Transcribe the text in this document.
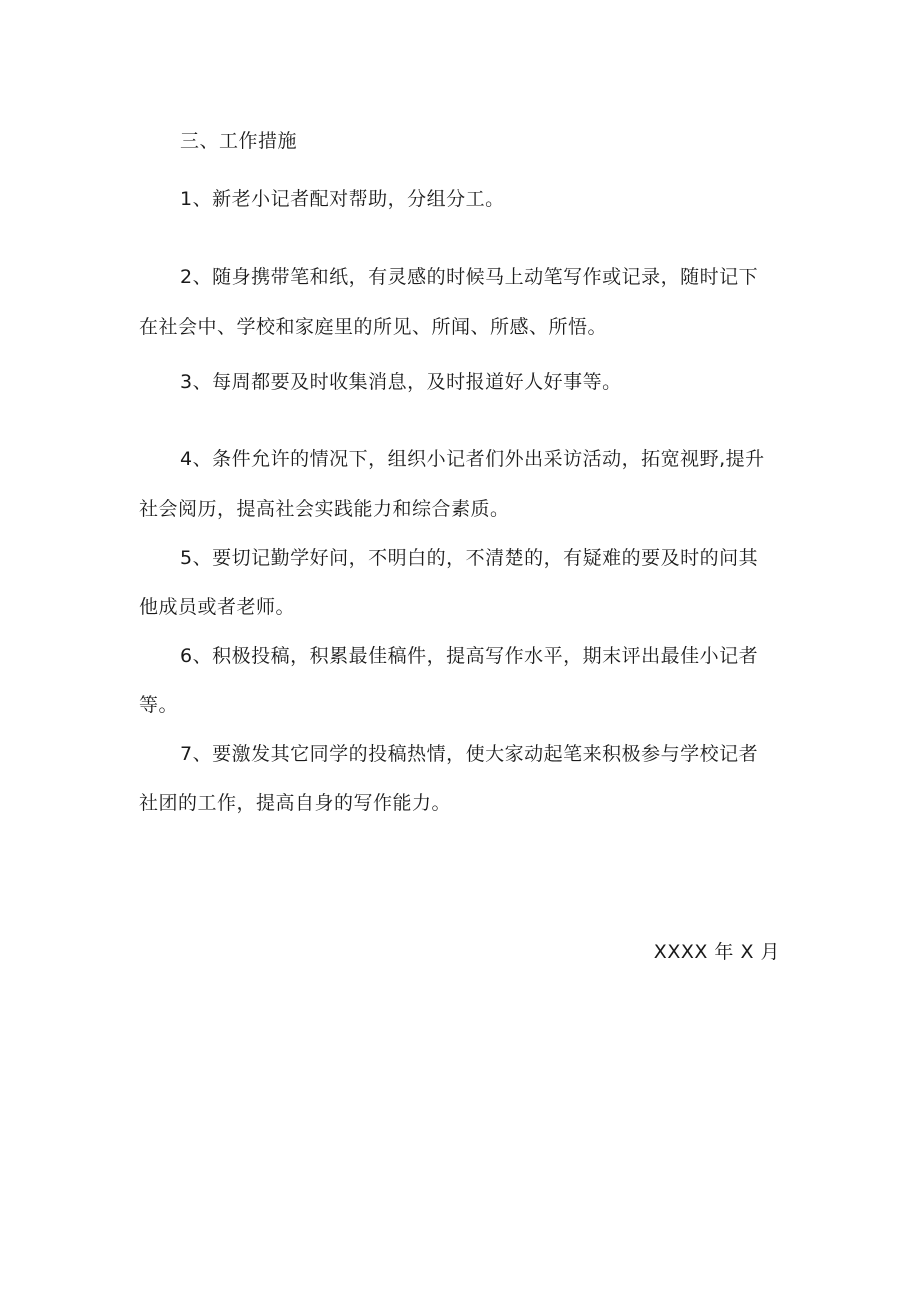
三、工作措施
1、新老小记者配对帮助，分组分工。
2、随身携带笔和纸，有灵感的时候马上动笔写作或记录，随时记下
在社会中、学校和家庭里的所见、所闻、所感、所悟。
3、每周都要及时收集消息，及时报道好人好事等。
4、条件允许的情况下，组织小记者们外出采访活动，拓宽视野,提升
社会阅历，提高社会实践能力和综合素质。
5、要切记勤学好问，不明白的，不清楚的，有疑难的要及时的问其
他成员或者老师。
6、积极投稿，积累最佳稿件，提高写作水平，期末评出最佳小记者
等。
7、要激发其它同学的投稿热情，使大家动起笔来积极参与学校记者
社团的工作，提高自身的写作能力。
XXXX 年 X 月
